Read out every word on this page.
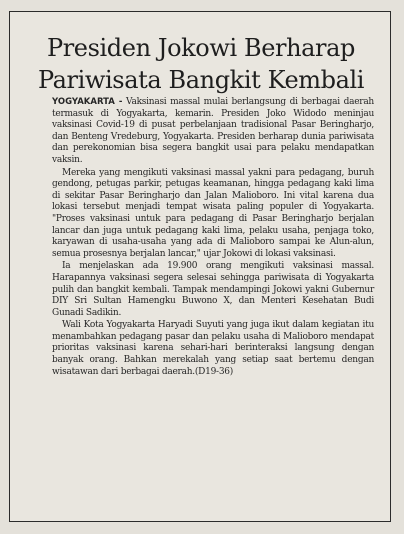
Presiden Jokowi Berharap
Pariwisata Bangkit Kembali

YOGYAKARTA - Vaksinasi massal mulai berlangsung di berbagai daerah termasuk di Yogyakarta, kemarin. Presiden Joko Widodo meninjau vaksinasi Covid-19 di pusat perbelanjaan tradisional Pasar Beringharjo, dan Benteng Vredeburg, Yogyakarta. Presiden berharap dunia pariwisata dan perekonomian bisa segera bangkit usai para pelaku mendapatkan vaksin.

Mereka yang mengikuti vaksinasi massal yakni para pedagang, buruh gendong, petugas parkir, petugas keamanan, hingga pedagang kaki lima di sekitar Pasar Beringharjo dan Jalan Malioboro. Ini vital karena dua lokasi tersebut menjadi tempat wisata paling populer di Yogyakarta. "Proses vaksinasi untuk para pedagang di Pasar Beringharjo berjalan lancar dan juga untuk pedagang kaki lima, pelaku usaha, penjaga toko, karyawan di usaha-usaha yang ada di Malioboro sampai ke Alun-alun, semua prosesnya berjalan lancar," ujar Jokowi di lokasi vaksinasi.

Ia menjelaskan ada 19.900 orang mengikuti vaksinasi massal. Harapannya vaksinasi segera selesai sehingga pariwisata di Yogyakarta pulih dan bangkit kembali. Tampak mendampingi Jokowi yakni Gubernur DIY Sri Sultan Hamengku Buwono X, dan Menteri Kesehatan Budi Gunadi Sadikin.

Wali Kota Yogyakarta Haryadi Suyuti yang juga ikut dalam kegiatan itu menambahkan pedagang pasar dan pelaku usaha di Malioboro mendapat prioritas vaksinasi karena sehari-hari berinteraksi langsung dengan banyak orang. Bahkan merekalah yang setiap saat bertemu dengan wisatawan dari berbagai daerah.(D19-36)
